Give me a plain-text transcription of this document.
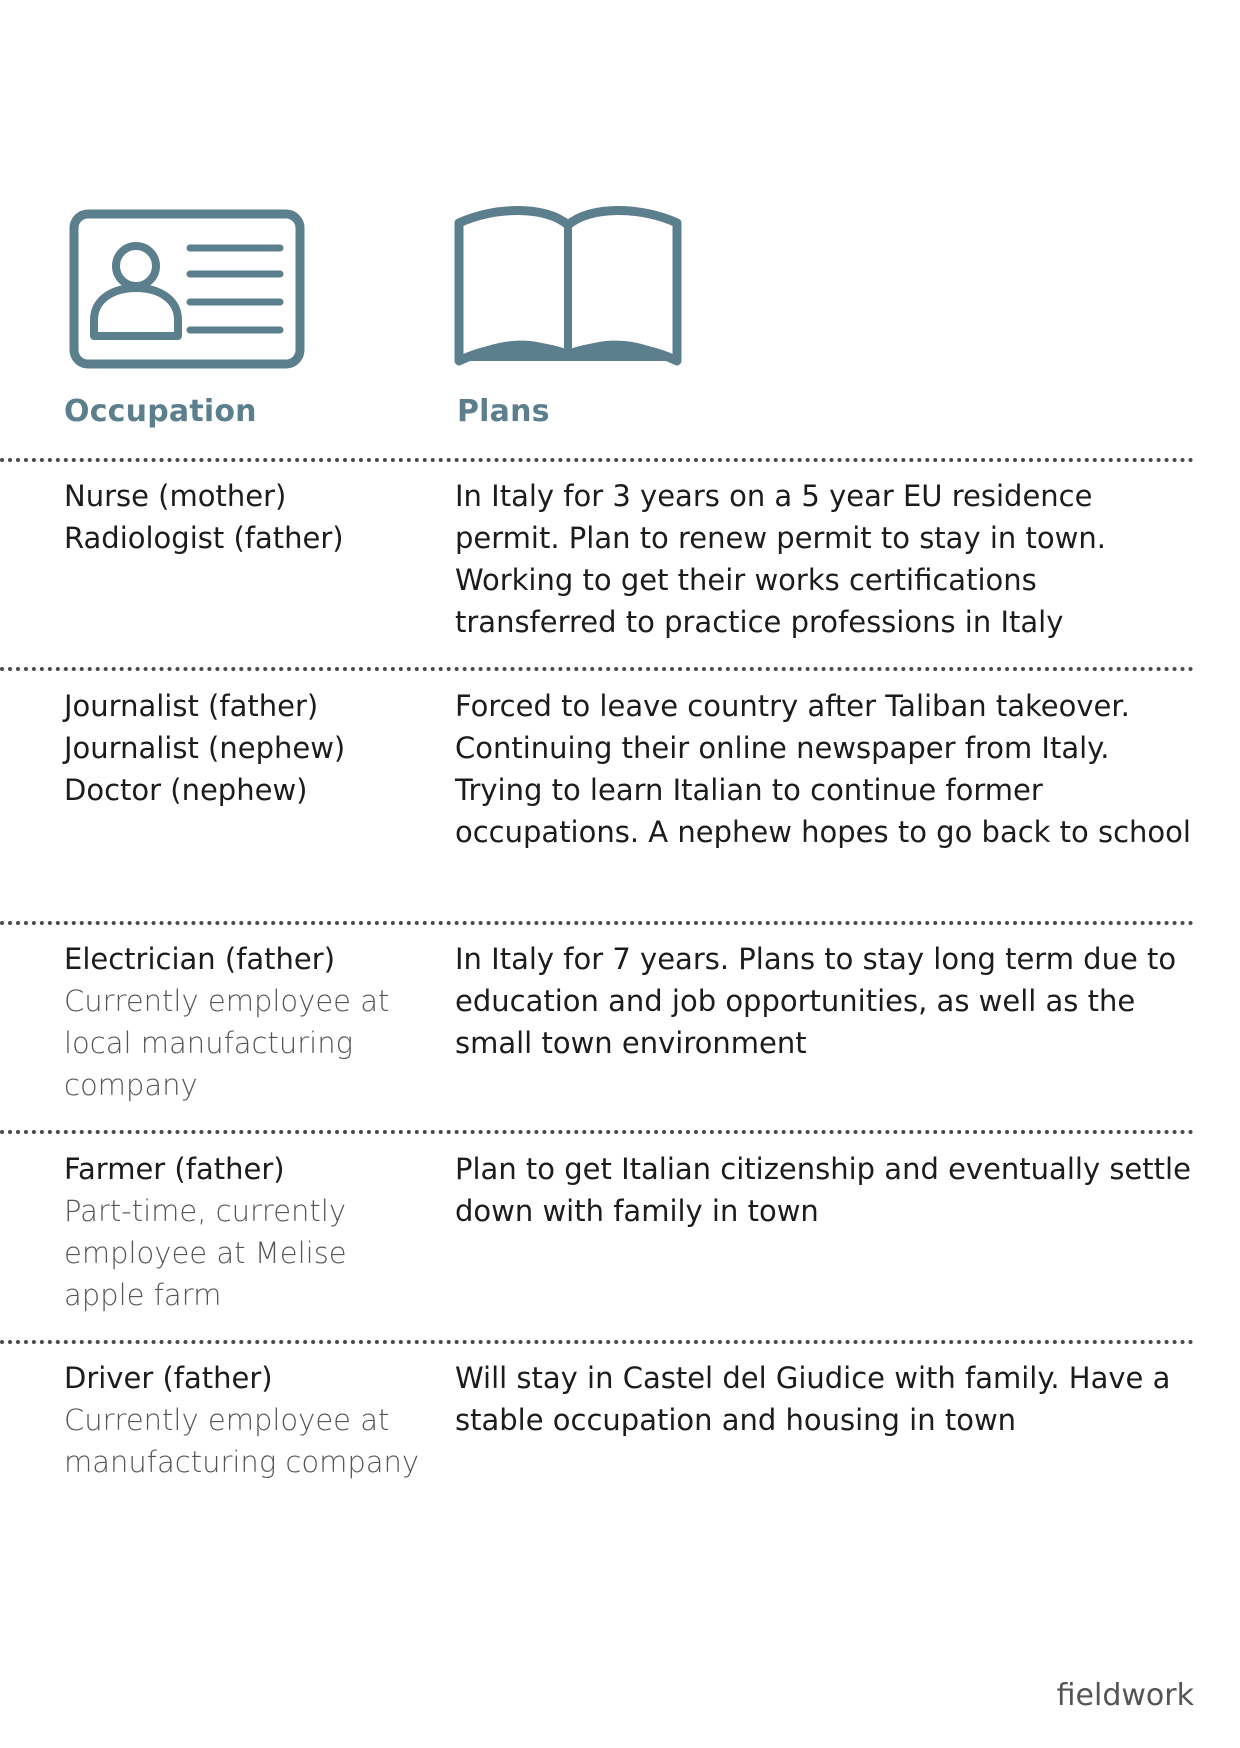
Occupation	Plans
Nurse (mother)
Radiologist (father)
In Italy for 3 years on a 5 year EU residence permit. Plan to renew permit to stay in town. Working to get their works certifications transferred to practice professions in Italy
Journalist (father)
Journalist (nephew)
Doctor (nephew)
Forced to leave country after Taliban takeover. Continuing their online newspaper from Italy. Trying to learn Italian to continue former occupations. A nephew hopes to go back to school
Electrician (father)
Currently employee at local manufacturing company
In Italy for 7 years. Plans to stay long term due to education and job opportunities, as well as the small town environment
Farmer (father)
Part-time, currently employee at Melise apple farm
Plan to get Italian citizenship and eventually settle down with family in town
Driver (father)
Currently employee at manufacturing company
Will stay in Castel del Giudice with family. Have a stable occupation and housing in town
fieldwork
